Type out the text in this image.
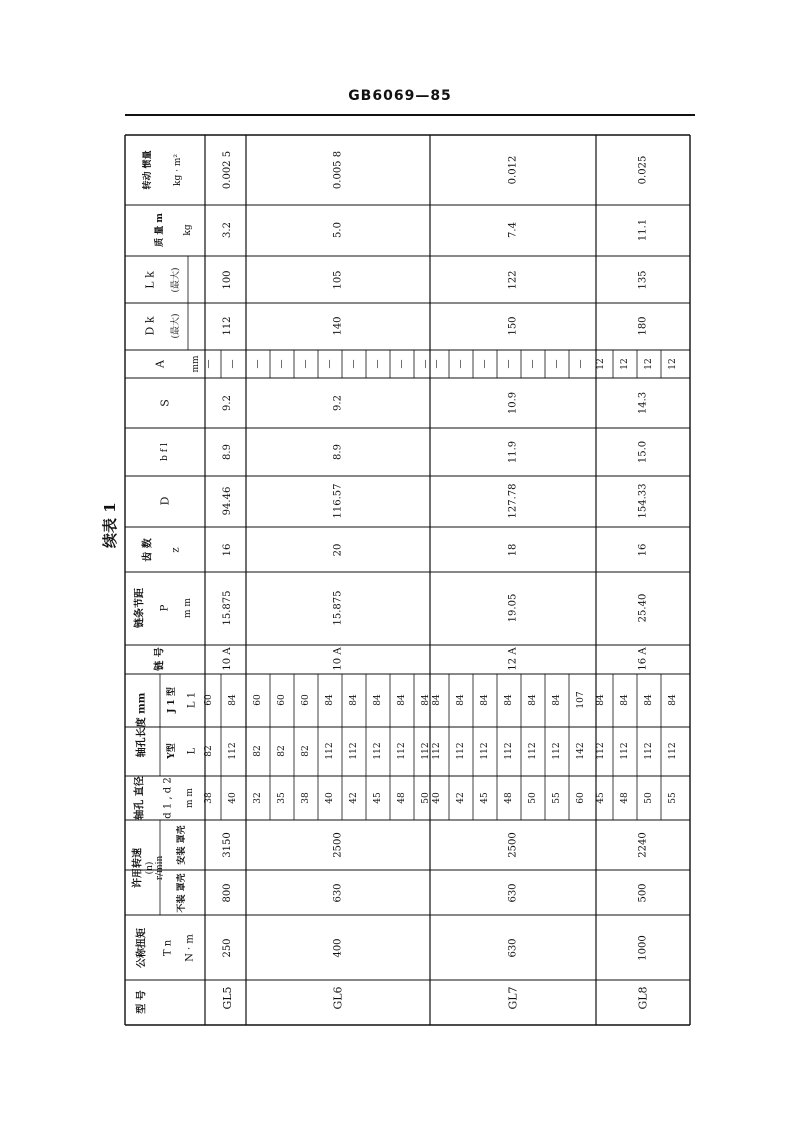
GB6069—85
续表 1
型 号
公称扭矩 T n N · m
许用转速 (n) r/min
不装 罩壳
安装 罩壳
轴孔 直径 d 1 , d 2 m m
轴孔长度 mm Y型
J 1 型
L
L 1
链 号
链条节距 P m m
齿 数 z
D
b f l
S
A	mm
D k (最大)
L k (最大)
质 量 m kg
转动 惯量 kg · m²
GL5
250
800
3150
10 A
15.875
16
94.46
8.9
9.2
112
100
3.2
0.002 5
38
82
60
—
40
112
84
—
GL6
400
630
2500
10 A
15.875
20
116.57
8.9
9.2
140
105
5.0
0.005 8
32
82
60
—
35
82
60
—
38
82
60
—
40
112
84
—
42
112
84
—
45
112
84
—
48
112
84
—
50
112
84
—
GL7
630
630
2500
12 A
19.05
18
127.78
11.9
10.9
150
122
7.4
0.012
40
112
84
—
42
112
84
—
45
112
84
—
48
112
84
—
50
112
84
—
55
112
84
—
60
142
107
—
GL8
1000
500
2240
16 A
25.40
16
154.33
15.0
14.3
180
135
11.1
0.025
45
112
84
12
48
112
84
12
50
112
84
12
55
112
84
12
